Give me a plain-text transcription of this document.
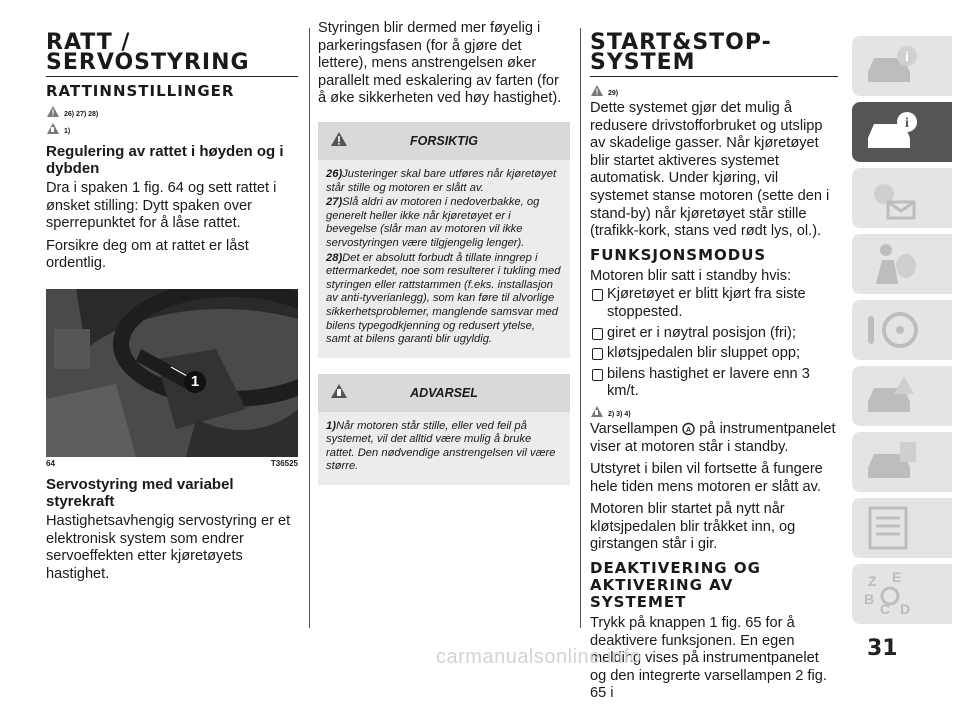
RATT /
SERVOSTYRING
RATTINNSTILLINGER
26) 27) 28)
1)
Regulering av rattet i høyden og i dybden

Dra i spaken 1 fig. 64 og sett rattet i ønsket stilling: Dytt spaken over sperrepunktet for å låse rattet.

Forsikre deg om at rattet er låst ordentlig.

1
64	T36525
Servostyring med variabel styrekraft

Hastighetsavhengig servostyring er et elektronisk system som endrer servoeffekten etter kjøretøyets hastighet.

Styringen blir dermed mer føyelig i parkeringsfasen (for å gjøre det lettere), mens anstrengelsen øker parallelt med eskalering av farten (for å øke sikkerheten ved høy hastighet).

FORSIKTIG
26)Justeringer skal bare utføres når kjøretøyet står stille og motoren er slått av.
27)Slå aldri av motoren i nedoverbakke, og generelt heller ikke når kjøretøyet er i bevegelse (slår man av motoren vil ikke servostyringen være tilgjengelig lenger).
28)Det er absolutt forbudt å tillate inngrep i ettermarkedet, noe som resulterer i tukling med styringen eller rattstammen (f.eks. installasjon av anti-tyverianlegg), som kan føre til alvorlige sikkerhetsproblemer, manglende samsvar med bilens typegodkjenning og redusert ytelse, samt at bilens garanti blir ugyldig.
ADVARSEL
1)Når motoren står stille, eller ved feil på systemet, vil det alltid være mulig å bruke rattet. Den nødvendige anstrengelsen vil være større.
START&STOP-
SYSTEM
29)

Dette systemet gjør det mulig å redusere drivstofforbruket og utslipp av skadelige gasser. Når kjøretøyet blir startet aktiveres systemet automatisk. Under kjøring, vil systemet stanse motoren (sette den i stand-by) når kjøretøyet står stille (trafikk-kork, stans ved rødt lys, ol.).

FUNKSJONSMODUS

Motoren blir satt i standby hvis:

Kjøretøyet er blitt kjørt fra siste stoppested.
giret er i nøytral posisjon (fri);
kløtsjpedalen blir sluppet opp;
bilens hastighet er lavere enn 3 km/t.
2) 3) 4)

Varsellampen A på instrumentpanelet viser at motoren står i standby.

Utstyret i bilen vil fortsette å fungere hele tiden mens motoren er slått av.

Motoren blir startet på nytt når kløtsjpedalen blir tråkket inn, og girstangen står i gir.

DEAKTIVERING OG
AKTIVERING AV
SYSTEMET

Trykk på knappen 1 fig. 65 for å deaktivere funksjonen. En egen melding vises på instrumentpanelet og den integrerte varsellampen 2 fig. 65 i

i
i
Z E
B
D
C
31
carmanualsonline.info
